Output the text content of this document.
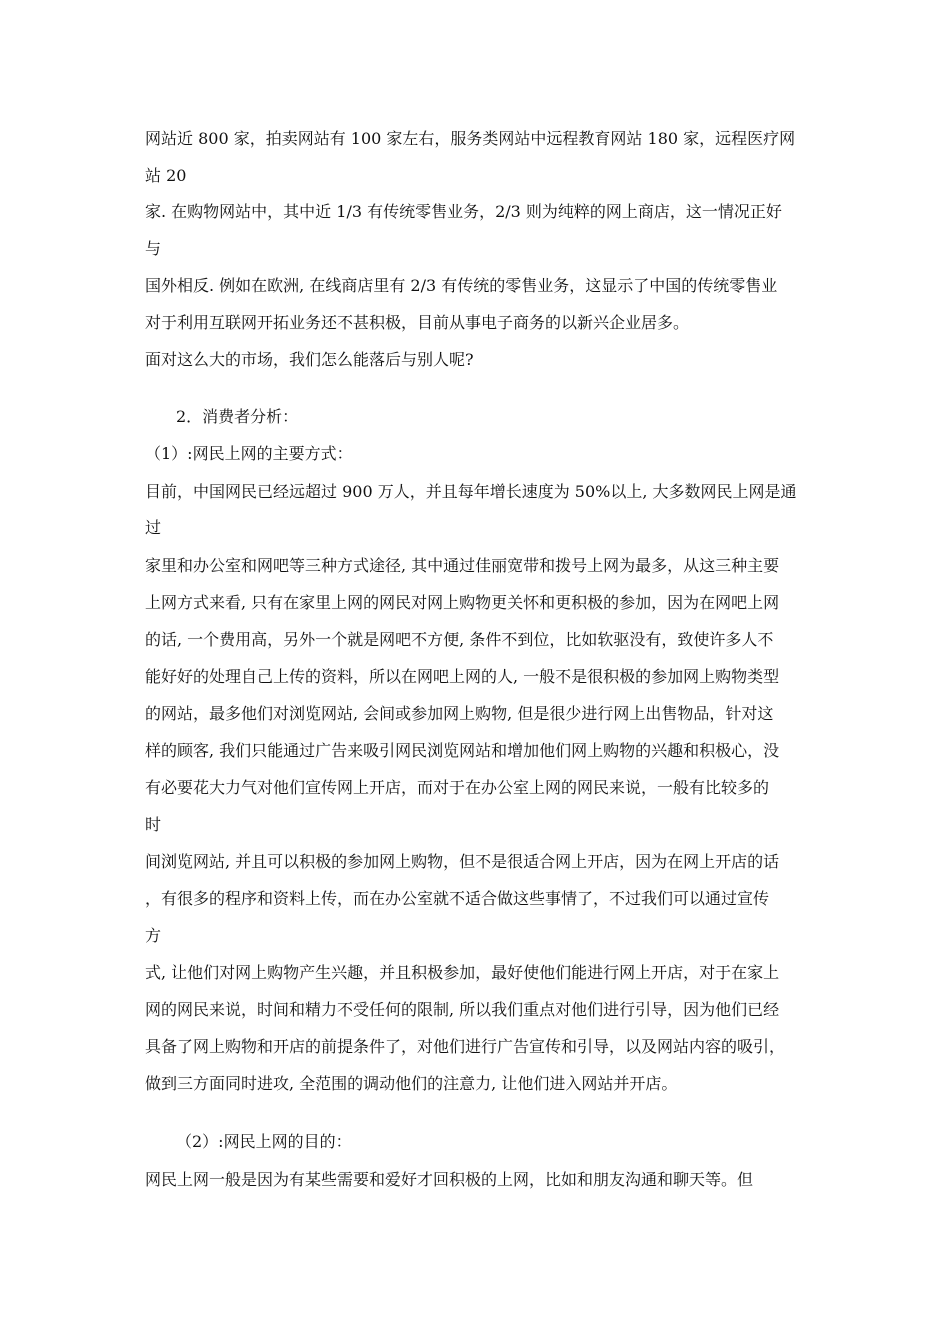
网站近 800 家，拍卖网站有 100 家左右，服务类网站中远程教育网站 180 家，远程医疗网
站 20
家. 在购物网站中，其中近 1/3 有传统零售业务，2/3 则为纯粹的网上商店，这一情况正好
与
国外相反. 例如在欧洲, 在线商店里有 2/3 有传统的零售业务，这显示了中国的传统零售业
对于利用互联网开拓业务还不甚积极，目前从事电子商务的以新兴企业居多。
面对这么大的市场，我们怎么能落后与别人呢?
2．消费者分析：
（1）:网民上网的主要方式：
目前，中国网民已经远超过 900 万人，并且每年增长速度为 50%以上, 大多数网民上网是通
过
家里和办公室和网吧等三种方式途径, 其中通过佳丽宽带和拨号上网为最多，从这三种主要
上网方式来看, 只有在家里上网的网民对网上购物更关怀和更积极的参加，因为在网吧上网
的话, 一个费用高，另外一个就是网吧不方便, 条件不到位，比如软驱没有，致使许多人不
能好好的处理自己上传的资料，所以在网吧上网的人, 一般不是很积极的参加网上购物类型
的网站，最多他们对浏览网站, 会间或参加网上购物, 但是很少进行网上出售物品，针对这
样的顾客, 我们只能通过广告来吸引网民浏览网站和增加他们网上购物的兴趣和积极心，没
有必要花大力气对他们宣传网上开店，而对于在办公室上网的网民来说，一般有比较多的
时
间浏览网站, 并且可以积极的参加网上购物，但不是很适合网上开店，因为在网上开店的话
，有很多的程序和资料上传，而在办公室就不适合做这些事情了，不过我们可以通过宣传
方
式, 让他们对网上购物产生兴趣，并且积极参加，最好使他们能进行网上开店，对于在家上
网的网民来说，时间和精力不受任何的限制, 所以我们重点对他们进行引导，因为他们已经
具备了网上购物和开店的前提条件了，对他们进行广告宣传和引导，以及网站内容的吸引，
做到三方面同时进攻, 全范围的调动他们的注意力, 让他们进入网站并开店。
（2）:网民上网的目的：
网民上网一般是因为有某些需要和爱好才回积极的上网，比如和朋友沟通和聊天等。但
